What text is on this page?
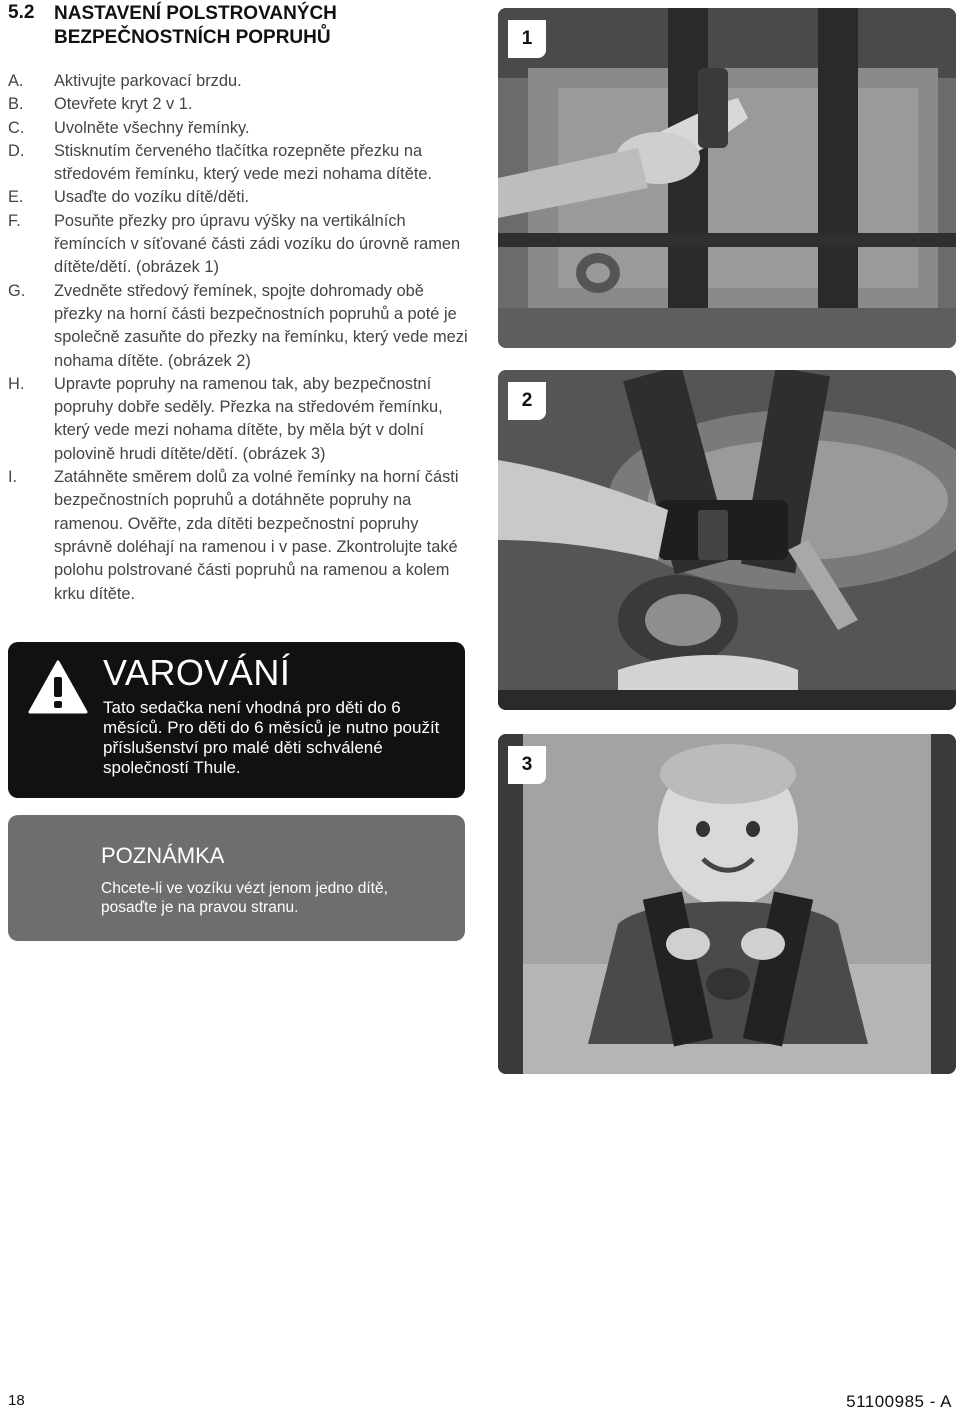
5.2 NASTAVENÍ POLSTROVANÝCH BEZPEČNOSTNÍCH POPRUHŮ
A. Aktivujte parkovací brzdu.
B. Otevřete kryt 2 v 1.
C. Uvolněte všechny řemínky.
D. Stisknutím červeného tlačítka rozepněte přezku na středovém řemínku, který vede mezi nohama dítěte.
E. Usaďte do vozíku dítě/děti.
F. Posuňte přezky pro úpravu výšky na vertikálních řemíncích v síťované části zádi vozíku do úrovně ramen dítěte/dětí. (obrázek 1)
G. Zvedněte středový řemínek, spojte dohromady obě přezky na horní části bezpečnostních popruhů a poté je společně zasuňte do přezky na řemínku, který vede mezi nohama dítěte. (obrázek 2)
H. Upravte popruhy na ramenou tak, aby bezpečnostní popruhy dobře seděly. Přezka na středovém řemínku, který vede mezi nohama dítěte, by měla být v dolní polovině hrudi dítěte/dětí. (obrázek 3)
I. Zatáhněte směrem dolů za volné řemínky na horní části bezpečnostních popruhů a dotáhněte popruhy na ramenou. Ověřte, zda dítěti bezpečnostní popruhy správně doléhají na ramenou i v pase. Zkontrolujte také polohu polstrované části popruhů na ramenou a kolem krku dítěte.
VAROVÁNÍ
Tato sedačka není vhodná pro děti do 6 měsíců. Pro děti do 6 měsíců je nutno použít příslušenství pro malé děti schválené společností Thule.
POZNÁMKA
Chcete-li ve vozíku vézt jenom jedno dítě, posaďte je na pravou stranu.
1
2
3
18	51100985 - A
